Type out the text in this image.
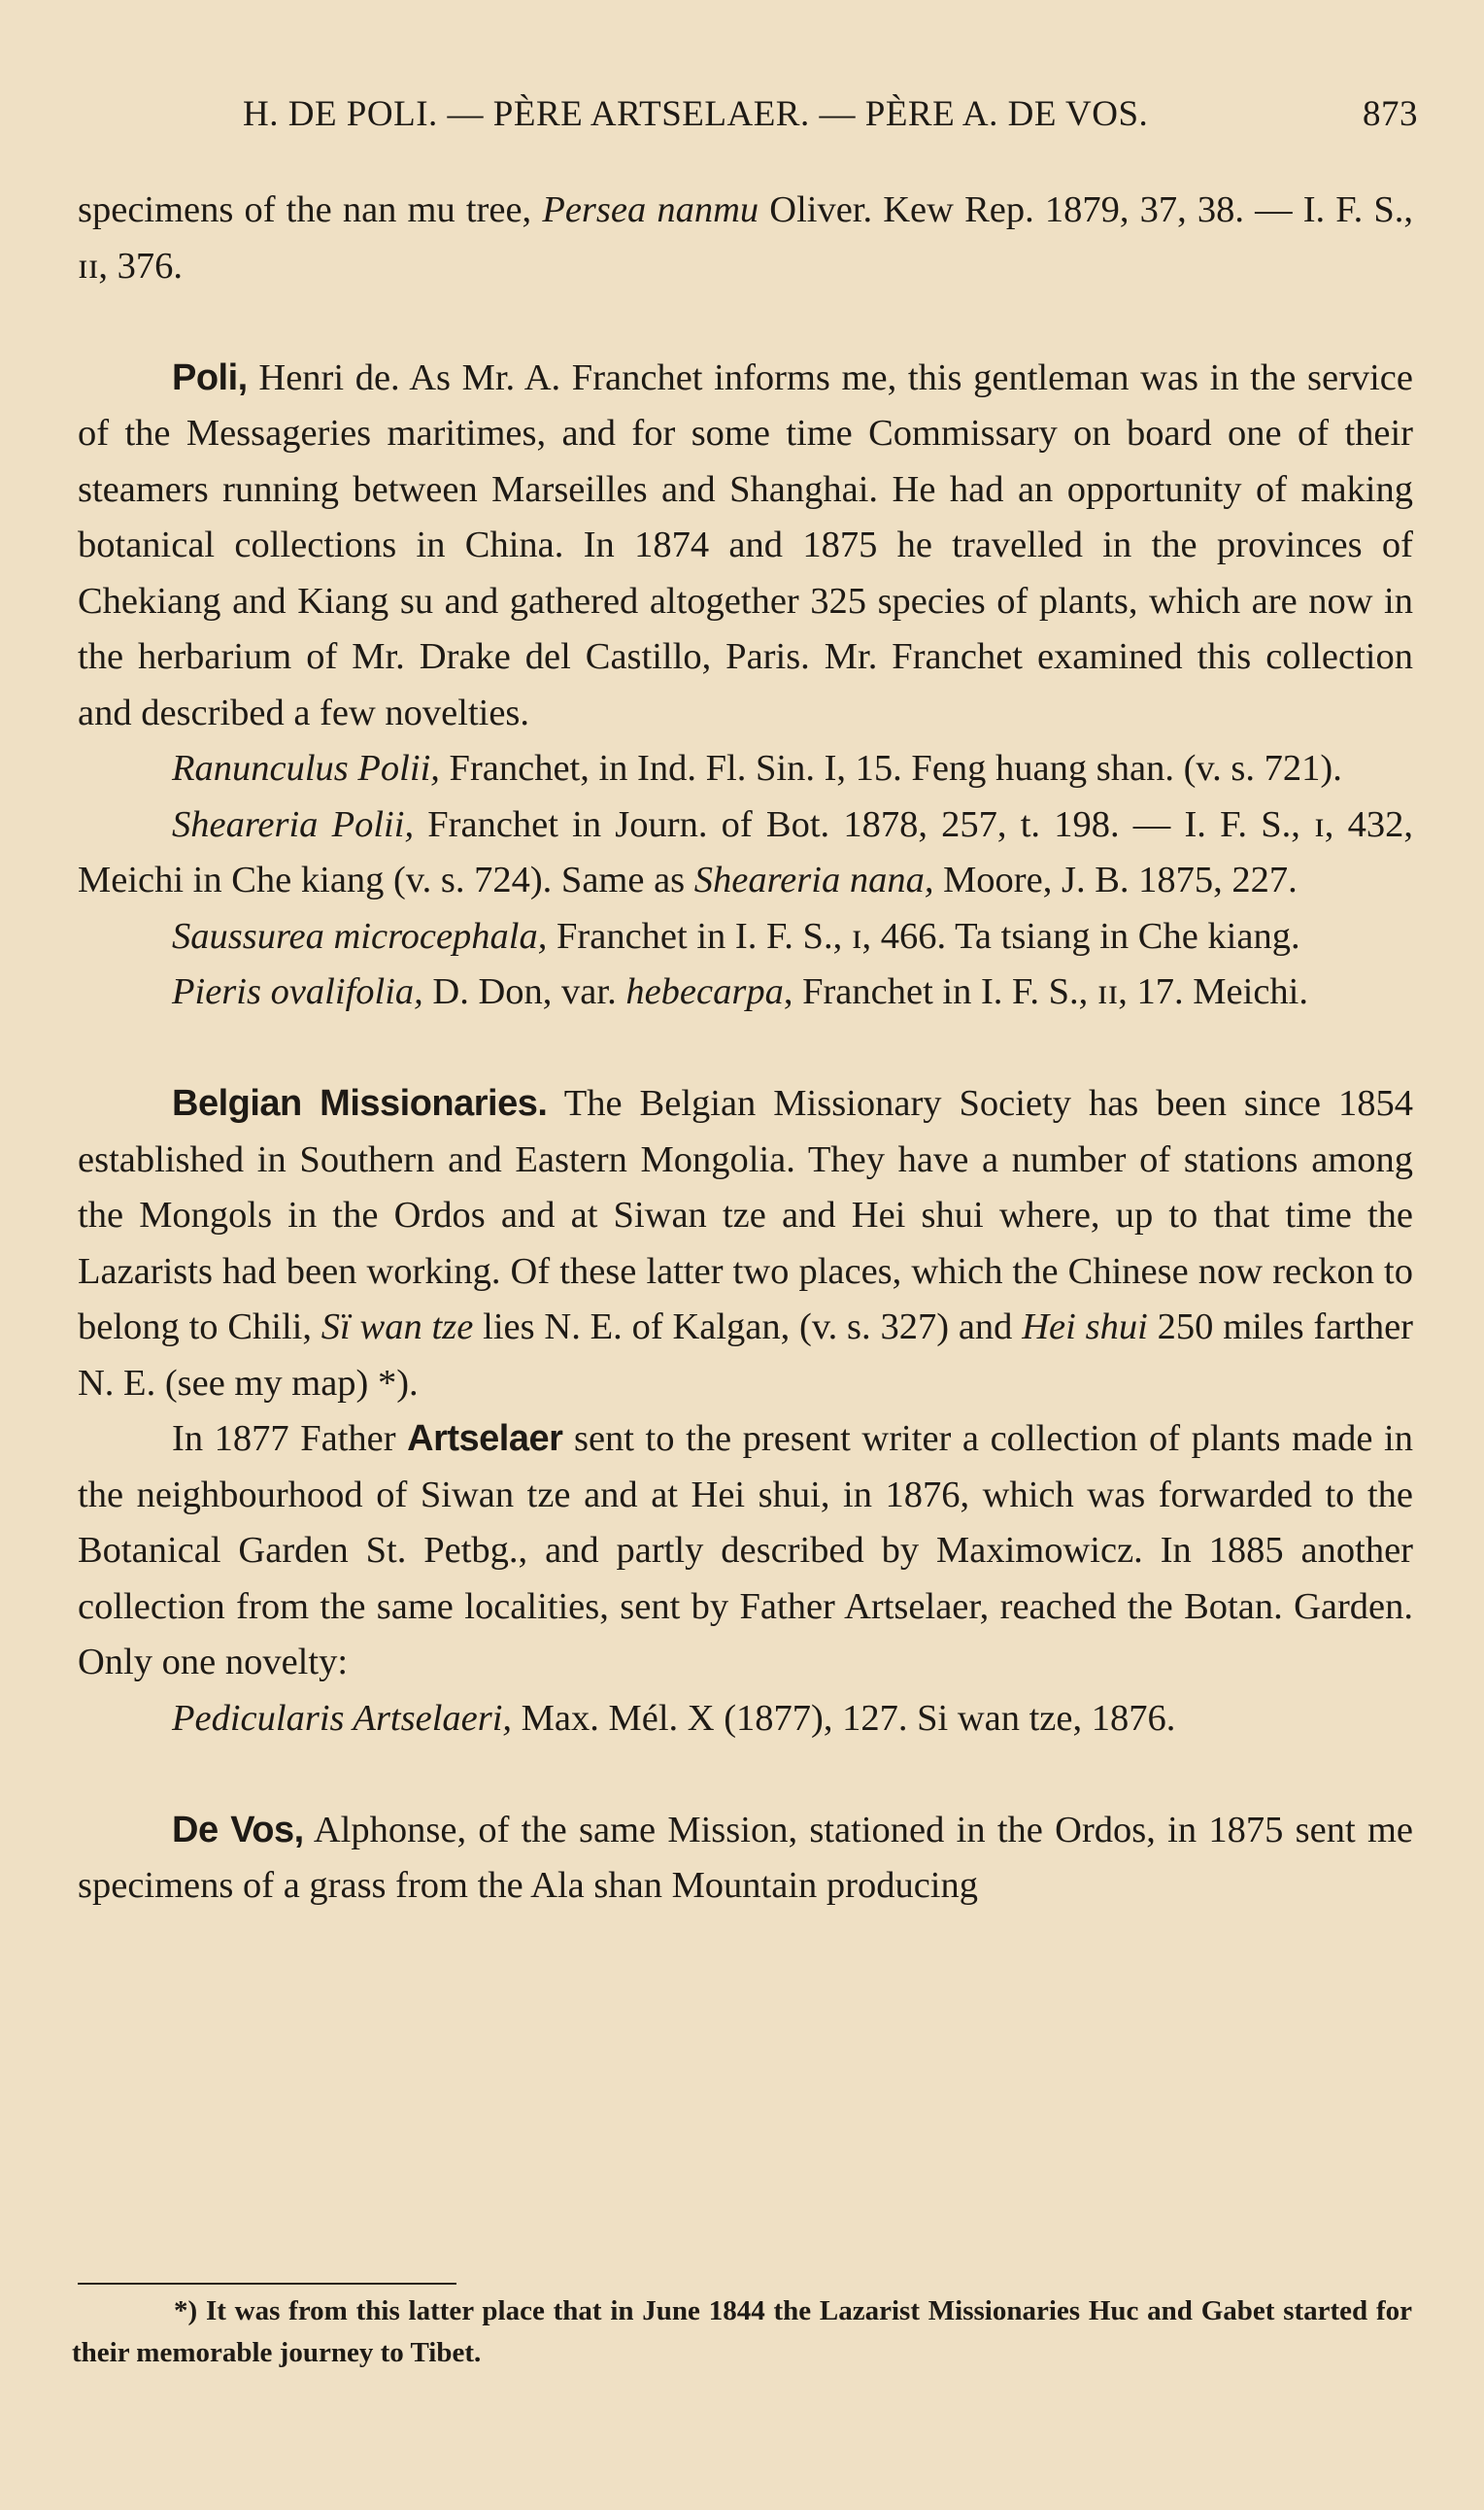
H. DE POLI. — PÈRE ARTSELAER. — PÈRE A. DE VOS.	873

specimens of the nan mu tree, Persea nanmu Oliver. Kew Rep. 1879, 37, 38. — I. F. S., ɪɪ, 376.

Poli, Henri de. As Mr. A. Franchet informs me, this gentleman was in the service of the Messageries maritimes, and for some time Commissary on board one of their steamers running between Marseilles and Shanghai. He had an opportunity of making botanical collections in China. In 1874 and 1875 he travelled in the provinces of Chekiang and Kiang su and gathered altogether 325 species of plants, which are now in the herbarium of Mr. Drake del Castillo, Paris. Mr. Franchet examined this collection and described a few novelties.

Ranunculus Polii, Franchet, in Ind. Fl. Sin. I, 15. Feng huang shan. (v. s. 721).

Sheareria Polii, Franchet in Journ. of Bot. 1878, 257, t. 198. — I. F. S., ɪ, 432, Meichi in Che kiang (v. s. 724). Same as Sheareria nana, Moore, J. B. 1875, 227.

Saussurea microcephala, Franchet in I. F. S., ɪ, 466. Ta tsiang in Che kiang.

Pieris ovalifolia, D. Don, var. hebecarpa, Franchet in I. F. S., ɪɪ, 17. Meichi.

Belgian Missionaries. The Belgian Missionary Society has been since 1854 established in Southern and Eastern Mongolia. They have a number of stations among the Mongols in the Ordos and at Siwan tze and Hei shui where, up to that time the Lazarists had been working. Of these latter two places, which the Chinese now reckon to belong to Chili, Sï wan tze lies N. E. of Kalgan, (v. s. 327) and Hei shui 250 miles farther N. E. (see my map) *).

In 1877 Father Artselaer sent to the present writer a collection of plants made in the neighbourhood of Siwan tze and at Hei shui, in 1876, which was forwarded to the Botanical Garden St. Petbg., and partly described by Maximowicz. In 1885 another collection from the same localities, sent by Father Artselaer, reached the Botan. Garden. Only one novelty:

Pedicularis Artselaeri, Max. Mél. X (1877), 127. Si wan tze, 1876.

De Vos, Alphonse, of the same Mission, stationed in the Ordos, in 1875 sent me specimens of a grass from the Ala shan Mountain producing

*) It was from this latter place that in June 1844 the Lazarist Missionaries Huc and Gabet started for their memorable journey to Tibet.
